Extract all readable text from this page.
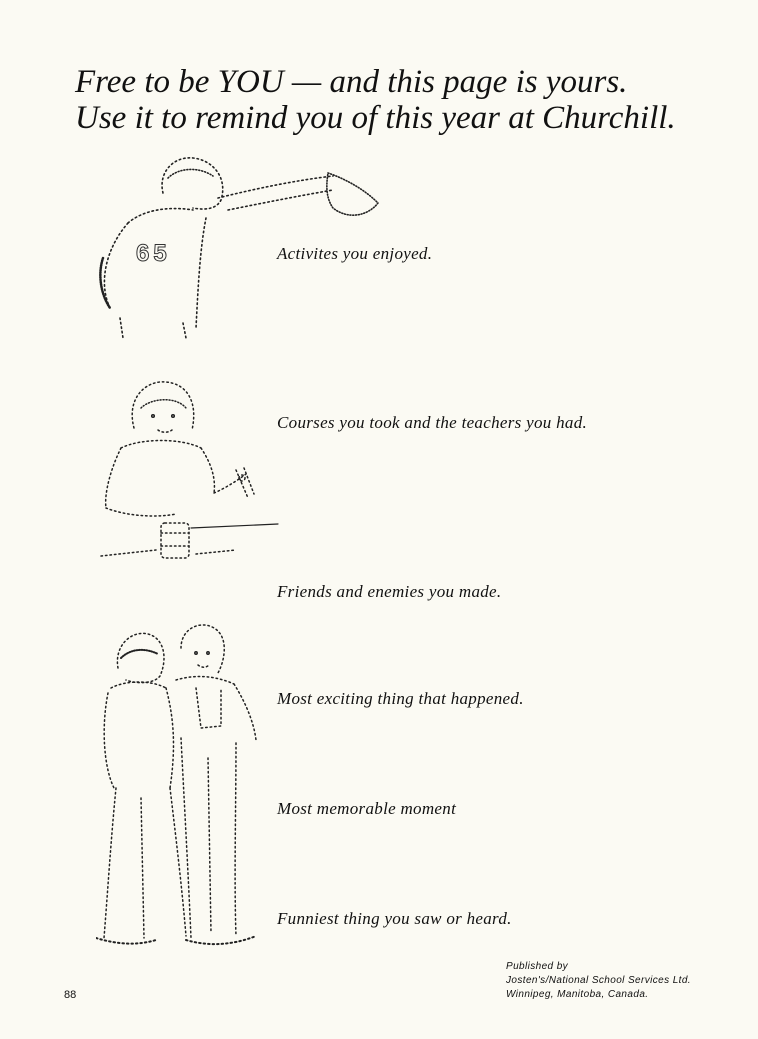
Free to be YOU — and this page is yours.
Use it to remind you of this year at Churchill.
65	Activites you enjoyed.
Courses you took and the teachers you had.
Friends and enemies you made.
Most exciting thing that happened.
Most memorable moment
Funniest thing you saw or heard.
88
Published by
Josten's/National School Services Ltd.
Winnipeg, Manitoba, Canada.
